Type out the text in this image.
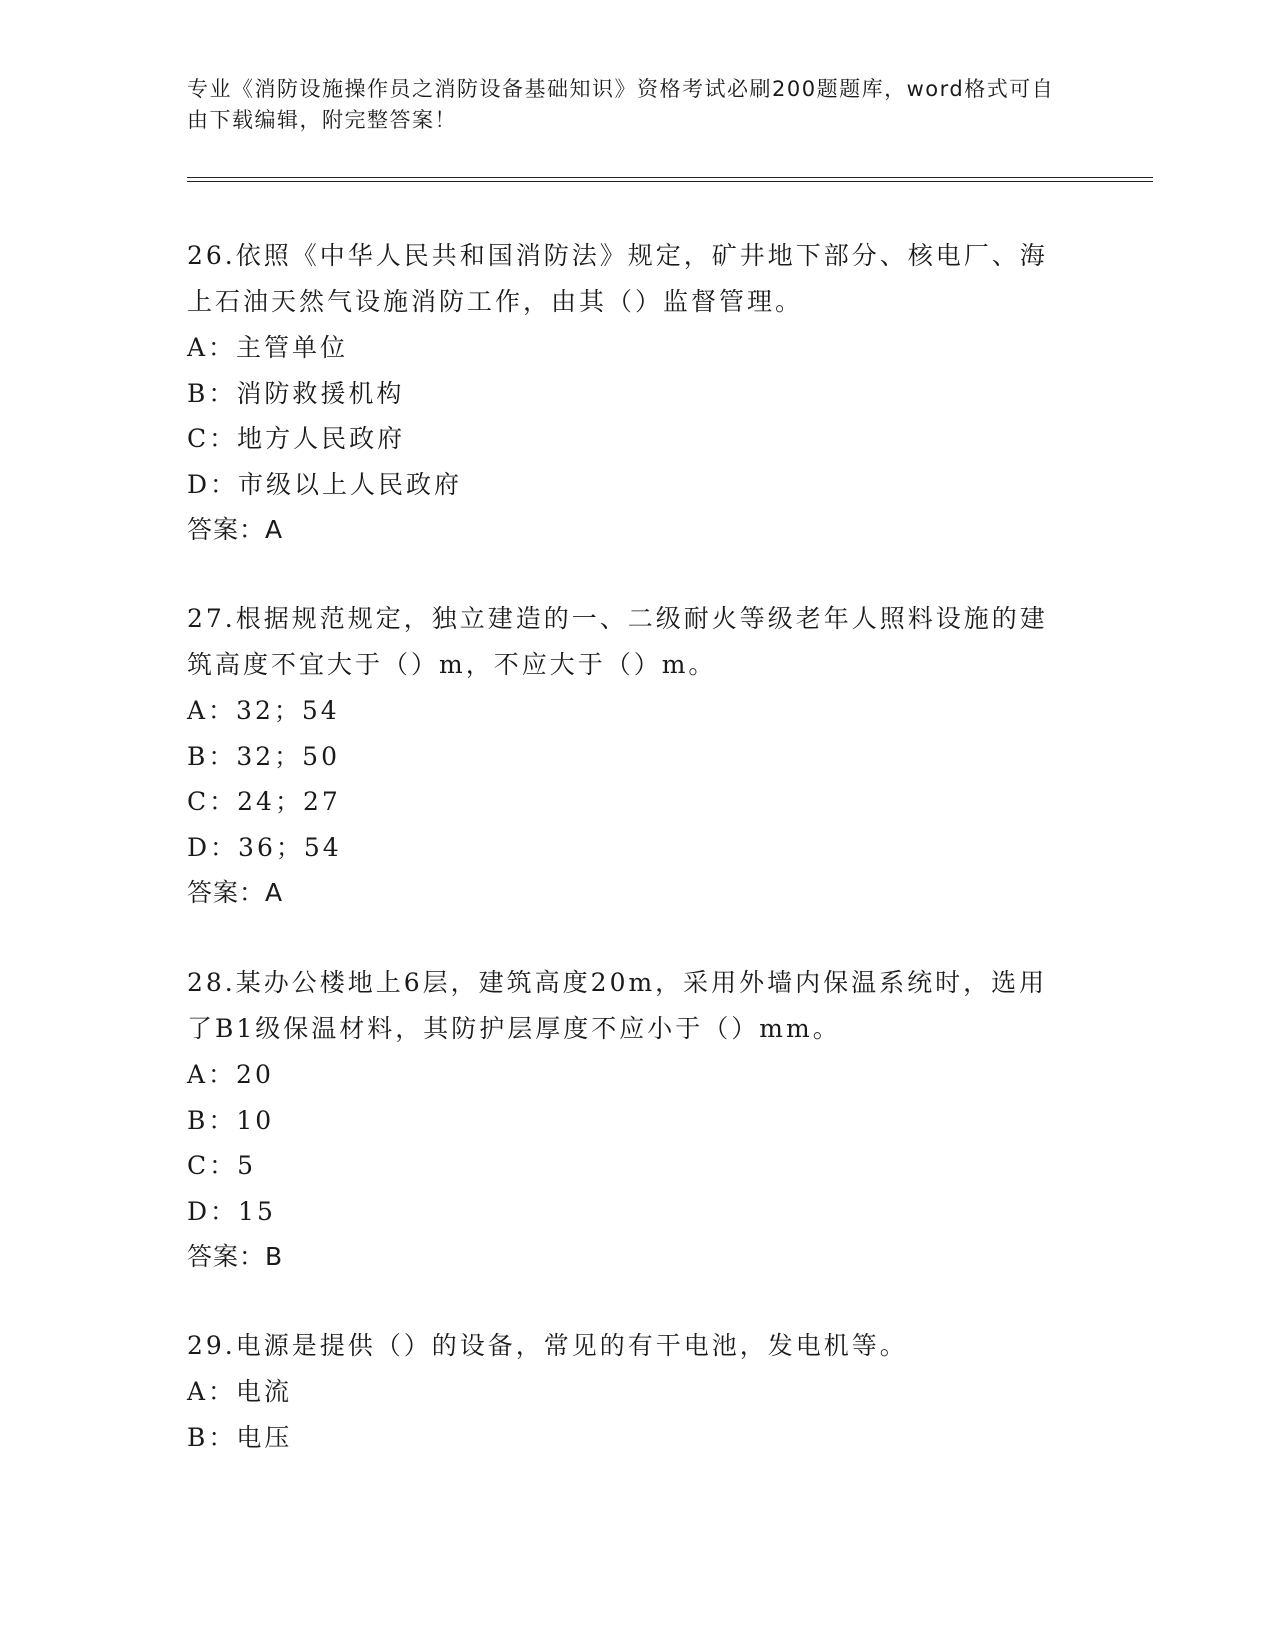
专业《消防设施操作员之消防设备基础知识》资格考试必刷200题题库，word格式可自由下载编辑，附完整答案！

26.依照《中华人民共和国消防法》规定，矿井地下部分、核电厂、海上石油天然气设施消防工作，由其（）监督管理。

A：主管单位

B：消防救援机构

C：地方人民政府

D：市级以上人民政府

答案：A

27.根据规范规定，独立建造的一、二级耐火等级老年人照料设施的建筑高度不宜大于（）m，不应大于（）m。

A：32；54

B：32；50

C：24；27

D：36；54

答案：A

28.某办公楼地上6层，建筑高度20m，采用外墙内保温系统时，选用了B1级保温材料，其防护层厚度不应小于（）mm。

A：20

B：10

C：5

D：15

答案：B

29.电源是提供（）的设备，常见的有干电池，发电机等。

A：电流

B：电压
